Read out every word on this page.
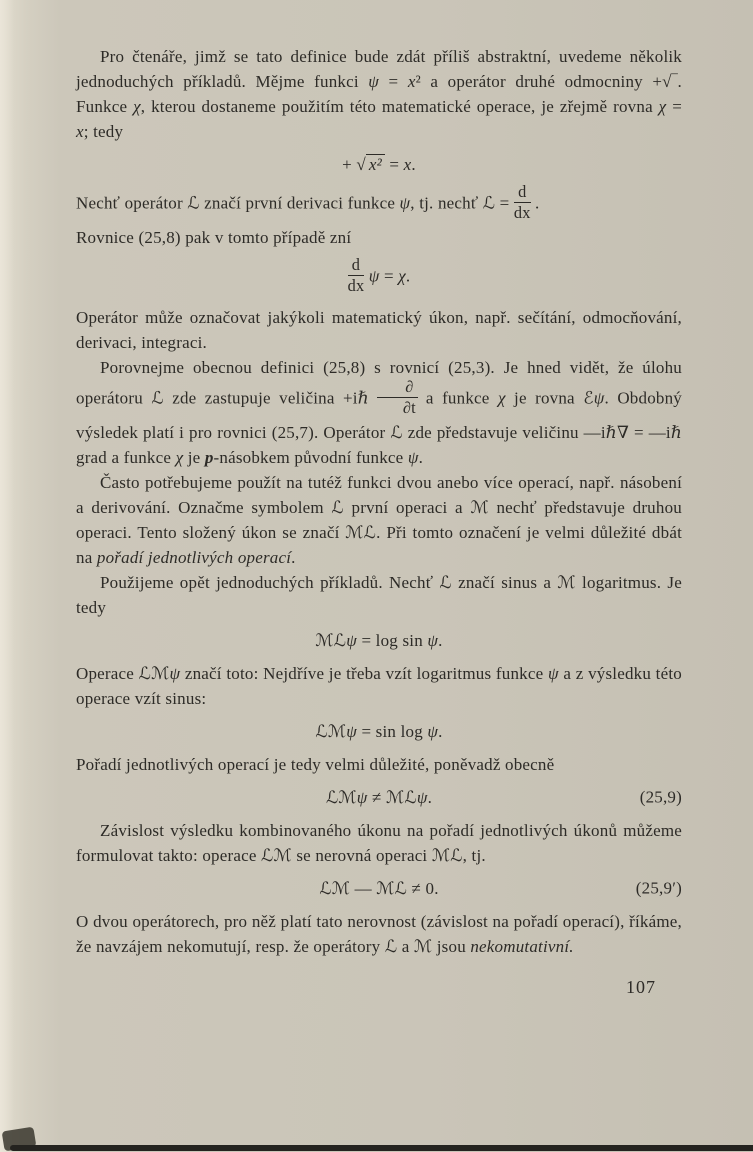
Pro čtenáře, jimž se tato definice bude zdát příliš abstraktní, uvedeme několik jednoduchých příkladů. Mějme funkci ψ = x² a operátor druhé odmocniny +√‾. Funkce χ, kterou dostaneme použitím této matematické operace, je zřejmě rovna χ = x; tedy

+ √ x² = x.

Nechť operátor ℒ značí první derivaci funkce ψ, tj. nechť ℒ = $\frac{d}{dx}$ .

Rovnice (25,8) pak v tomto případě zní

$\frac{d}{dx}$ ψ = χ.

Operátor může označovat jakýkoli matematický úkon, např. sečítání, odmocňování, derivaci, integraci.

Porovnejme obecnou definici (25,8) s rovnicí (25,3). Je hned vidět, že úlohu operátoru ℒ zde zastupuje veličina +iℏ $\frac{\partial}{\partial t}$ a funkce χ je rovna ℰψ. Obdobný výsledek platí i pro rovnici (25,7). Operátor ℒ zde představuje veličinu —iℏ∇ = —iℏ grad a funkce χ je p-násobkem původní funkce ψ.

Často potřebujeme použít na tutéž funkci dvou anebo více operací, např. násobení a derivování. Označme symbolem ℒ první operaci a ℳ nechť představuje druhou operaci. Tento složený úkon se značí ℳℒ. Při tomto označení je velmi důležité dbát na pořadí jednotlivých operací.

Použijeme opět jednoduchých příkladů. Nechť ℒ značí sinus a ℳ logaritmus. Je tedy

ℳℒψ = log sin ψ.

Operace ℒℳψ značí toto: Nejdříve je třeba vzít logaritmus funkce ψ a z výsledku této operace vzít sinus:

ℒℳψ = sin log ψ.

Pořadí jednotlivých operací je tedy velmi důležité, poněvadž obecně

ℒℳψ ≠ ℳℒψ.	(25,9)

Závislost výsledku kombinovaného úkonu na pořadí jednotlivých úkonů můžeme formulovat takto: operace ℒℳ se nerovná operaci ℳℒ, tj.

ℒℳ — ℳℒ ≠ 0.	(25,9′)

O dvou operátorech, pro něž platí tato nerovnost (závislost na pořadí operací), říkáme, že navzájem nekomutují, resp. že operátory ℒ a ℳ jsou nekomutativní.

107
